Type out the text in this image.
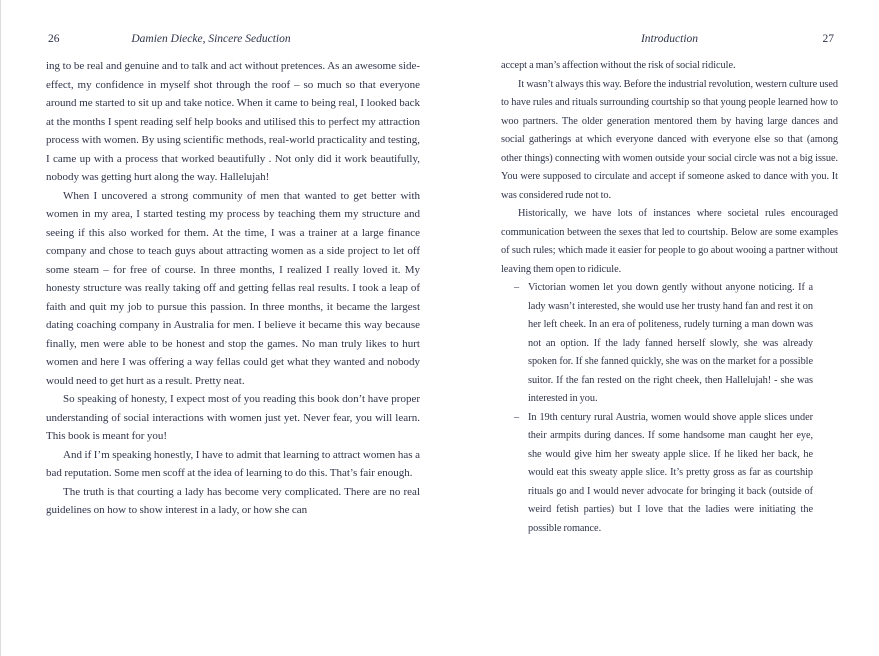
26	Damien Diecke, Sincere Seduction

ing to be real and genuine and to talk and act without pretences. As an awesome side-effect, my confidence in myself shot through the roof – so much so that everyone around me started to sit up and take notice. When it came to being real, I looked back at the months I spent reading self help books and utilised this to perfect my attraction process with women. By using scientific methods, real-world practicality and testing, I came up with a process that worked beautifully . Not only did it work beautifully, nobody was getting hurt along the way. Hallelujah!

When I uncovered a strong community of men that wanted to get better with women in my area, I started testing my process by teaching them my structure and seeing if this also worked for them. At the time, I was a trainer at a large finance company and chose to teach guys about attracting women as a side project to let off some steam – for free of course. In three months, I realized I really loved it. My honesty structure was really taking off and getting fellas real results. I took a leap of faith and quit my job to pursue this passion. In three months, it became the largest dating coaching company in Australia for men. I believe it became this way because finally, men were able to be honest and stop the games. No man truly likes to hurt women and here I was offering a way fellas could get what they wanted and nobody would need to get hurt as a result. Pretty neat.

So speaking of honesty, I expect most of you reading this book don’t have proper understanding of social interactions with women just yet. Never fear, you will learn. This book is meant for you!

And if I’m speaking honestly, I have to admit that learning to attract women has a bad reputation. Some men scoff at the idea of learning to do this. That’s fair enough.

The truth is that courting a lady has become very complicated. There are no real guidelines on how to show interest in a lady, or how she can

Introduction	27

accept a man’s affection without the risk of social ridicule.

It wasn’t always this way. Before the industrial revolution, western culture used to have rules and rituals surrounding courtship so that young people learned how to woo partners. The older generation mentored them by having large dances and social gatherings at which everyone danced with everyone else so that (among other things) connecting with women outside your social circle was not a big issue. You were supposed to circulate and accept if someone asked to dance with you. It was considered rude not to.

Historically, we have lots of instances where societal rules encouraged communication between the sexes that led to courtship. Below are some examples of such rules; which made it easier for people to go about wooing a partner without leaving them open to ridicule.

– Victorian women let you down gently without anyone noticing. If a lady wasn’t interested, she would use her trusty hand fan and rest it on her left cheek. In an era of politeness, rudely turning a man down was not an option. If the lady fanned herself slowly, she was already spoken for. If she fanned quickly, she was on the market for a possible suitor. If the fan rested on the right cheek, then Hallelujah! - she was interested in you.

– In 19th century rural Austria, women would shove apple slices under their armpits during dances. If some handsome man caught her eye, she would give him her sweaty apple slice. If he liked her back, he would eat this sweaty apple slice. It’s pretty gross as far as courtship rituals go and I would never advocate for bringing it back (outside of weird fetish parties) but I love that the ladies were initiating the possible romance.
